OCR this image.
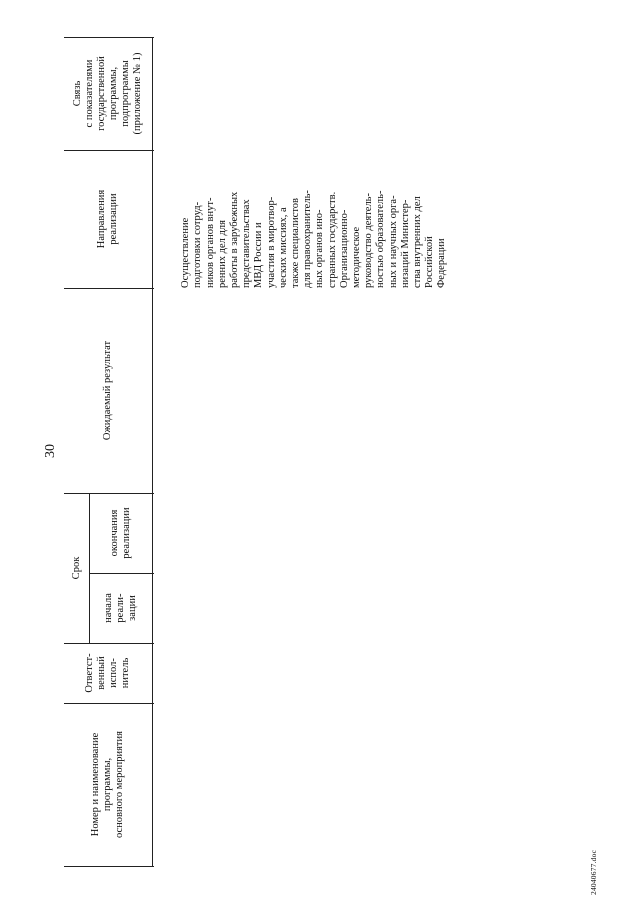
30
Связь
с показателями
государственной
программы,
подпрограммы
(приложение № 1)
Направления
реализации
Ожидаемый результат
окончания
реализации
начала
реали-
зации
Срок
Ответст-
венный
испол-
нитель
Номер и наименование
программы,
основного мероприятия

Осуществление
подготовки сотруд-
ников органов внут-
ренних дел для
работы в зарубежных
представительствах
МВД России и
участия в миротвор-
ческих миссиях, а
также специалистов
для правоохранитель-
ных органов ино-
странных государств.
Организационно-
методическое
руководство деятель-
ностью образователь-
ных и научных орга-
низаций Министер-
ства внутренних дел
Российской
Федерации

24040677.doc
